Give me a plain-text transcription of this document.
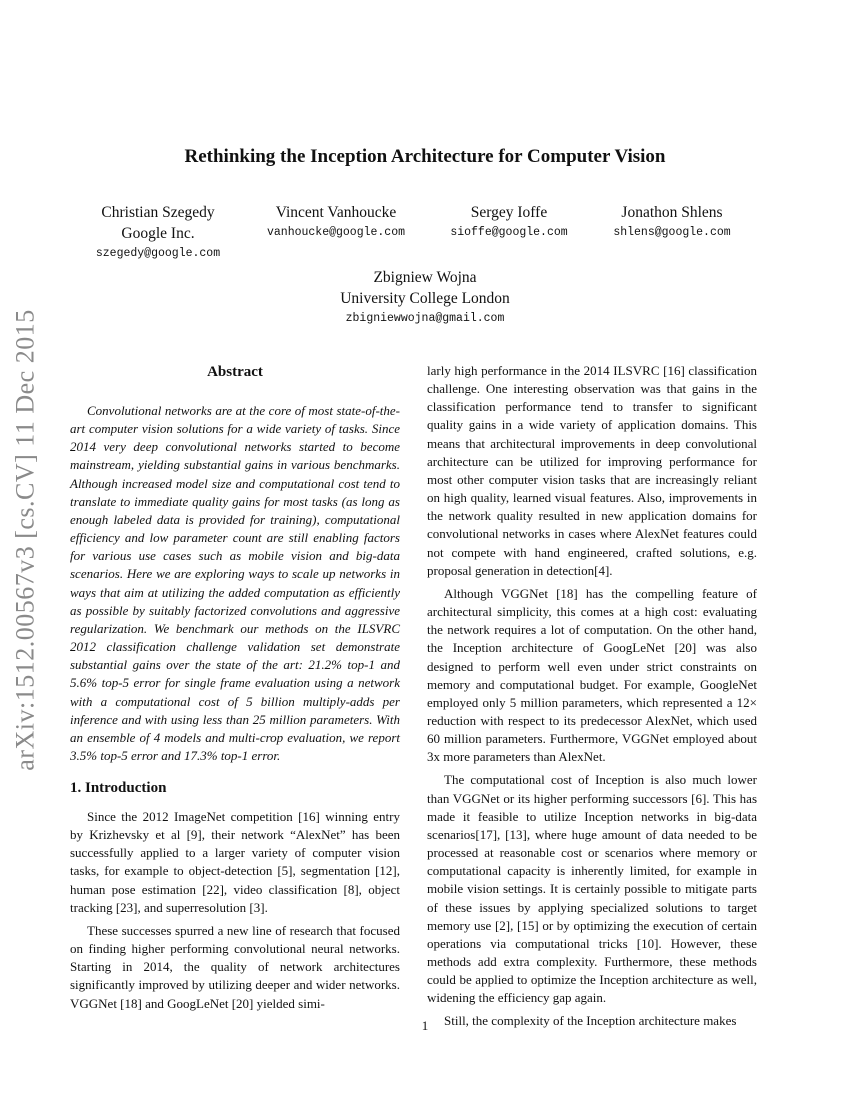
arXiv:1512.00567v3 [cs.CV] 11 Dec 2015
Rethinking the Inception Architecture for Computer Vision
Christian Szegedy
Google Inc.
szegedy@google.com
Vincent Vanhoucke
vanhoucke@google.com
Sergey Ioffe
sioffe@google.com
Jonathon Shlens
shlens@google.com
Zbigniew Wojna
University College London
zbigniewwojna@gmail.com
Abstract

Convolutional networks are at the core of most state-of-the-art computer vision solutions for a wide variety of tasks. Since 2014 very deep convolutional networks started to become mainstream, yielding substantial gains in various benchmarks. Although increased model size and computational cost tend to translate to immediate quality gains for most tasks (as long as enough labeled data is provided for training), computational efficiency and low parameter count are still enabling factors for various use cases such as mobile vision and big-data scenarios. Here we are exploring ways to scale up networks in ways that aim at utilizing the added computation as efficiently as possible by suitably factorized convolutions and aggressive regularization. We benchmark our methods on the ILSVRC 2012 classification challenge validation set demonstrate substantial gains over the state of the art: 21.2% top-1 and 5.6% top-5 error for single frame evaluation using a network with a computational cost of 5 billion multiply-adds per inference and with using less than 25 million parameters. With an ensemble of 4 models and multi-crop evaluation, we report 3.5% top-5 error and 17.3% top-1 error.

1. Introduction

Since the 2012 ImageNet competition [16] winning entry by Krizhevsky et al [9], their network “AlexNet” has been successfully applied to a larger variety of computer vision tasks, for example to object-detection [5], segmentation [12], human pose estimation [22], video classification [8], object tracking [23], and superresolution [3].

These successes spurred a new line of research that focused on finding higher performing convolutional neural networks. Starting in 2014, the quality of network architectures significantly improved by utilizing deeper and wider networks. VGGNet [18] and GoogLeNet [20] yielded simi-

larly high performance in the 2014 ILSVRC [16] classification challenge. One interesting observation was that gains in the classification performance tend to transfer to significant quality gains in a wide variety of application domains. This means that architectural improvements in deep convolutional architecture can be utilized for improving performance for most other computer vision tasks that are increasingly reliant on high quality, learned visual features. Also, improvements in the network quality resulted in new application domains for convolutional networks in cases where AlexNet features could not compete with hand engineered, crafted solutions, e.g. proposal generation in detection[4].

Although VGGNet [18] has the compelling feature of architectural simplicity, this comes at a high cost: evaluating the network requires a lot of computation. On the other hand, the Inception architecture of GoogLeNet [20] was also designed to perform well even under strict constraints on memory and computational budget. For example, GoogleNet employed only 5 million parameters, which represented a 12× reduction with respect to its predecessor AlexNet, which used 60 million parameters. Furthermore, VGGNet employed about 3x more parameters than AlexNet.

The computational cost of Inception is also much lower than VGGNet or its higher performing successors [6]. This has made it feasible to utilize Inception networks in big-data scenarios[17], [13], where huge amount of data needed to be processed at reasonable cost or scenarios where memory or computational capacity is inherently limited, for example in mobile vision settings. It is certainly possible to mitigate parts of these issues by applying specialized solutions to target memory use [2], [15] or by optimizing the execution of certain operations via computational tricks [10]. However, these methods add extra complexity. Furthermore, these methods could be applied to optimize the Inception architecture as well, widening the efficiency gap again.

Still, the complexity of the Inception architecture makes

1
